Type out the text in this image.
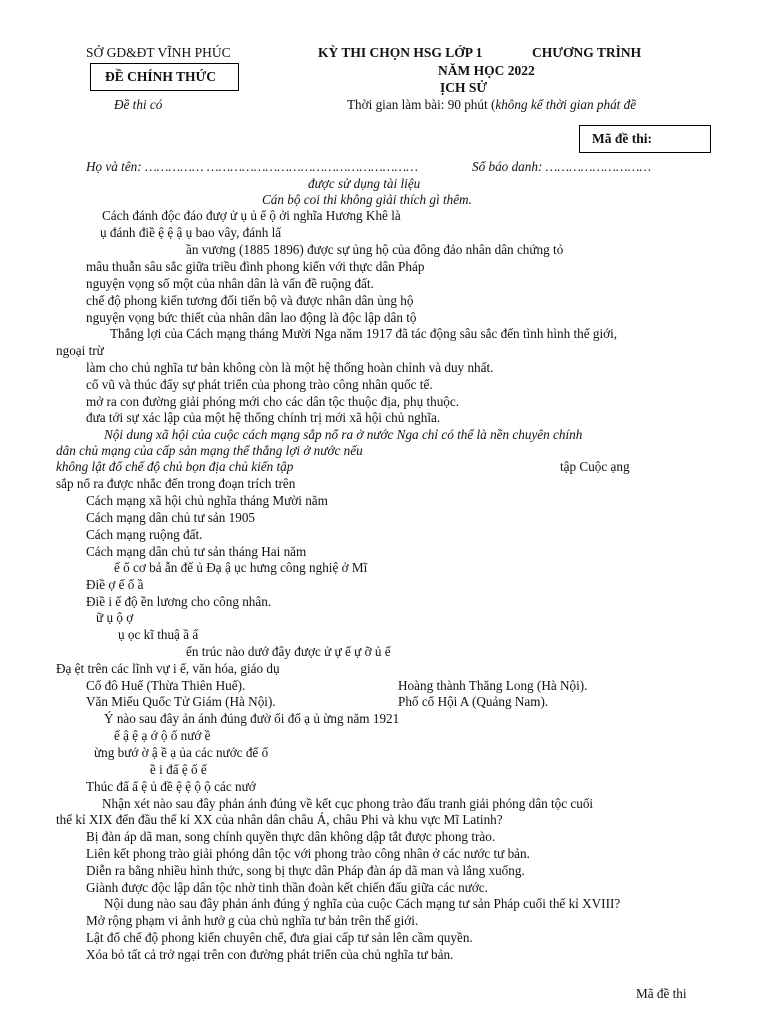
SỞ GD&ĐT VĨNH PHÚC
ĐỀ CHÍNH THỨC
Đề thi có
KỲ THI CHỌN HSG LỚP 1	CHƯƠNG TRÌNH
NĂM HỌC 2022
ỊCH SỬ
Thời gian làm bài: 90 phút (không kể thời gian phát đề
Mã đề thi:
Họ và tên: …………… ………………………………………………	Số báo danh: ………………………
được sử dụng tài liệu
Cán bộ coi thi không giải thích gì thêm.
Cách đánh độc đáo đượ ử ụ ủ ế ộ ởi nghĩa Hương Khê là
ụ đánh điề ệ ệ ậ ụ bao vây, đánh lấ
ần vương (1885 1896) được sự ủng hộ của đông đảo nhân dân chứng tỏ
mâu thuẫn sâu sắc giữa triều đình phong kiến với thực dân Pháp
nguyện vọng số một của nhân dân là vấn đề ruộng đất.
chế độ phong kiến tương đối tiến bộ và được nhân dân ủng hộ
nguyện vọng bức thiết của nhân dân lao động là độc lập dân tộ
Thắng lợi của Cách mạng tháng Mười Nga năm 1917 đã tác động sâu sắc đến tình hình thế giới,
ngoại trừ
làm cho chủ nghĩa tư bản không còn là một hệ thống hoàn chỉnh và duy nhất.
cổ vũ và thúc đẩy sự phát triển của phong trào công nhân quốc tế.
mở ra con đường giải phóng mới cho các dân tộc thuộc địa, phụ thuộc.
đưa tới sự xác lập của một hệ thống chính trị mới xã hội chủ nghĩa.
Nội dung xã hội của cuộc cách mạng sắp nổ ra ở nước Nga chỉ có thể là nền chuyên chính
dân chủ mạng của cấp sản mạng thể thắng lợi ở nước nếu
không lật đổ chế độ chủ bọn địa chủ kiến tập	tập Cuộc ạng
sắp nổ ra được nhắc đến trong đoạn trích trên
Cách mạng xã hội chủ nghĩa tháng Mười năm
Cách mạng dân chủ tư sản 1905
Cách mạng ruộng đất.
Cách mạng dân chủ tư sản tháng Hai năm
ế ố cơ bả ẫn đế ủ Đạ ậ ục hưng công nghiệ ở Mĩ
Điề ợ ế ố ầ
Điề i ế độ ền lương cho công nhân.
ữ ụ ộ ợ
ụ ọc kĩ thuậ ầ ấ
ến trúc nào dướ đây được ử ự ế ự ỡ ủ ế
Đạ ệt trên các lĩnh vự i ế, văn hóa, giáo dụ
Cố đô Huế (Thừa Thiên Huế).	Hoàng thành Thăng Long (Hà Nội).
Văn Miếu Quốc Tử Giám (Hà Nội).	Phố cổ Hội A (Quảng Nam).
Ý nào sau đây ản ánh đúng đườ ối đố ạ ủ ừng năm 1921
ế ậ ệ ạ ớ ộ ố nướ ề
ừng bướ ờ ậ ề ạ ủa các nước đế ố
ề i đấ ệ ố ế
Thúc đẩ ấ ệ ủ đề ệ ệ ộ ộ các nướ
Nhận xét nào sau đây phản ánh đúng về kết cục phong trào đấu tranh giải phóng dân tộc cuối
thế kỉ XIX đến đầu thế kỉ XX của nhân dân châu Á, châu Phi và khu vực Mĩ Latinh?
Bị đàn áp dã man, song chính quyền thực dân không dập tắt được phong trào.
Liên kết phong trào giải phóng dân tộc với phong trào công nhân ở các nước tư bản.
Diễn ra bằng nhiều hình thức, song bị thực dân Pháp đàn áp dã man và lắng xuống.
Giành được độc lập dân tộc nhờ tinh thần đoàn kết chiến đấu giữa các nước.
Nội dung nào sau đây phản ánh đúng ý nghĩa của cuộc Cách mạng tư sản Pháp cuối thế kỉ XVIII?
Mở rộng phạm vi ảnh hưở g của chủ nghĩa tư bản trên thế giới.
Lật đổ chế độ phong kiến chuyên chế, đưa giai cấp tư sản lên cầm quyền.
Xóa bỏ tất cả trở ngại trên con đường phát triển của chủ nghĩa tư bản.
Mã đề thi
